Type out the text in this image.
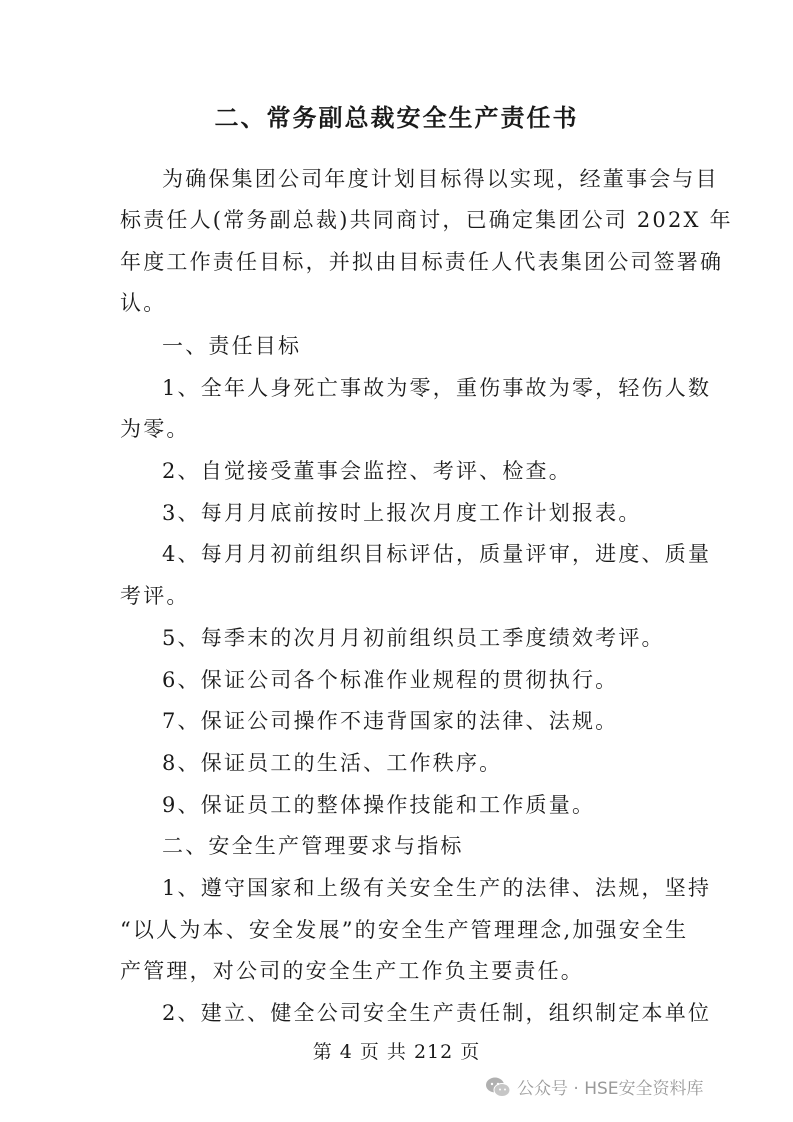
二、常务副总裁安全生产责任书
为确保集团公司年度计划目标得以实现，经董事会与目
标责任人(常务副总裁)共同商讨，已确定集团公司 202X 年
年度工作责任目标，并拟由目标责任人代表集团公司签署确
认。
一、责任目标
1、全年人身死亡事故为零，重伤事故为零，轻伤人数
为零。
2、自觉接受董事会监控、考评、检查。
3、每月月底前按时上报次月度工作计划报表。
4、每月月初前组织目标评估，质量评审，进度、质量
考评。
5、每季末的次月月初前组织员工季度绩效考评。
6、保证公司各个标准作业规程的贯彻执行。
7、保证公司操作不违背国家的法律、法规。
8、保证员工的生活、工作秩序。
9、保证员工的整体操作技能和工作质量。
二、安全生产管理要求与指标
1、遵守国家和上级有关安全生产的法律、法规，坚持
“以人为本、安全发展”的安全生产管理理念,加强安全生
产管理，对公司的安全生产工作负主要责任。
2、建立、健全公司安全生产责任制，组织制定本单位
第 4 页 共 212 页
公众号 · HSE安全资料库
